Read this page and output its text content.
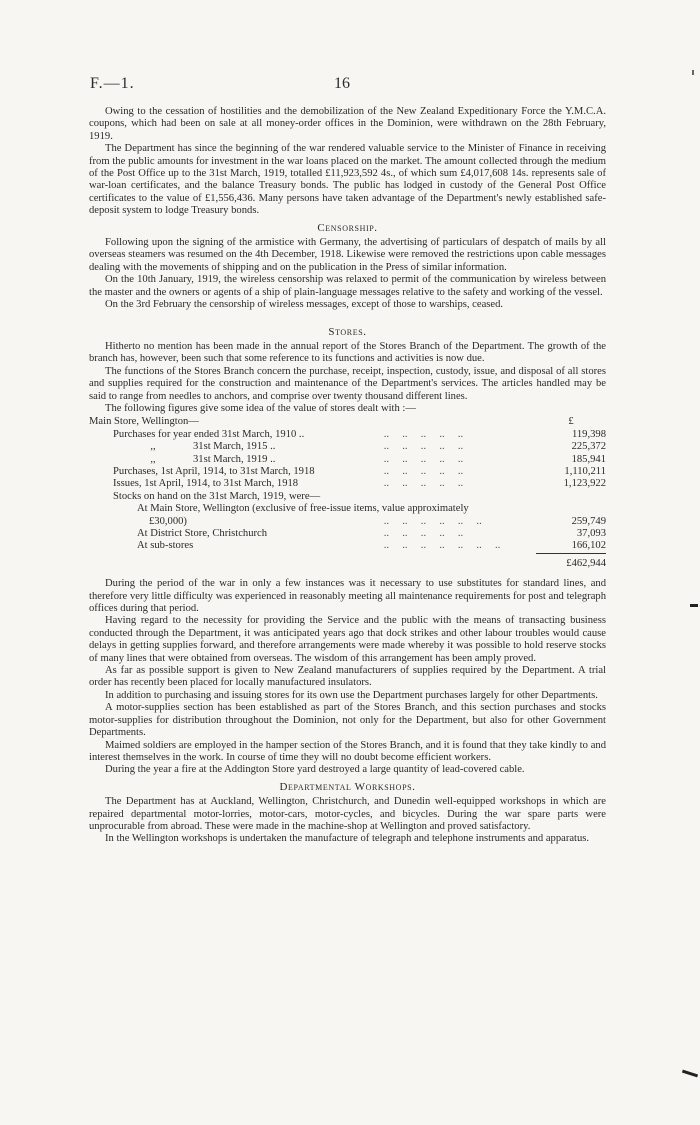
F.—1.	16

Owing to the cessation of hostilities and the demobilization of the New Zealand Expeditionary Force the Y.M.C.A. coupons, which had been on sale at all money-order offices in the Dominion, were withdrawn on the 28th February, 1919.

The Department has since the beginning of the war rendered valuable service to the Minister of Finance in receiving from the public amounts for investment in the war loans placed on the market. The amount collected through the medium of the Post Office up to the 31st March, 1919, totalled £11,923,592 4s., of which sum £4,017,608 14s. represents sale of war-loan certificates, and the balance Treasury bonds. The public has lodged in custody of the General Post Office certificates to the value of £1,556,436. Many persons have taken advantage of the Department's newly established safe-deposit system to lodge Treasury bonds.

Censorship.

Following upon the signing of the armistice with Germany, the advertising of particulars of despatch of mails by all overseas steamers was resumed on the 4th December, 1918. Likewise were removed the restrictions upon cable messages dealing with the movements of shipping and on the publication in the Press of similar information.

On the 10th January, 1919, the wireless censorship was relaxed to permit of the communication by wireless between the master and the owners or agents of a ship of plain-language messages relative to the safety and working of the vessel.

On the 3rd February the censorship of wireless messages, except of those to warships, ceased.

Stores.

Hitherto no mention has been made in the annual report of the Stores Branch of the Department. The growth of the branch has, however, been such that some reference to its functions and activities is now due.

The functions of the Stores Branch concern the purchase, receipt, inspection, custody, issue, and disposal of all stores and supplies required for the construction and maintenance of the Department's services. The articles handled may be said to range from needles to anchors, and comprise over twenty thousand different lines.

The following figures give some idea of the value of stores dealt with :—

Main Store, Wellington—		£
Purchases for year ended 31st March, 1910 ..	..     ..     ..     ..     ..	119,398
,, 31st March, 1915 ..	..     ..     ..     ..     ..	225,372
,, 31st March, 1919 ..	..     ..     ..     ..     ..	185,941
Purchases, 1st April, 1914, to 31st March, 1918	..     ..     ..     ..     ..	1,110,211
Issues, 1st April, 1914, to 31st March, 1918	..     ..     ..     ..     ..	1,123,922
Stocks on hand on the 31st March, 1919, were—		
At Main Store, Wellington (exclusive of free-issue items, value approximately		
£30,000)	..     ..     ..     ..     ..     ..	259,749
At District Store, Christchurch	..     ..     ..     ..     ..	37,093
At sub-stores	..     ..     ..     ..     ..     ..     ..	166,102
		£462,944

During the period of the war in only a few instances was it necessary to use substitutes for standard lines, and therefore very little difficulty was experienced in reasonably meeting all maintenance requirements for post and telegraph offices during that period.

Having regard to the necessity for providing the Service and the public with the means of transacting business conducted through the Department, it was anticipated years ago that dock strikes and other labour troubles would cause delays in getting supplies forward, and therefore arrangements were made whereby it was possible to hold reserve stocks of many lines that were obtained from overseas. The wisdom of this arrangement has been amply proved.

As far as possible support is given to New Zealand manufacturers of supplies required by the Department. A trial order has recently been placed for locally manufactured insulators.

In addition to purchasing and issuing stores for its own use the Department purchases largely for other Departments.

A motor-supplies section has been established as part of the Stores Branch, and this section purchases and stocks motor-supplies for distribution throughout the Dominion, not only for the Department, but also for other Government Departments.

Maimed soldiers are employed in the hamper section of the Stores Branch, and it is found that they take kindly to and interest themselves in the work. In course of time they will no doubt become efficient workers.

During the year a fire at the Addington Store yard destroyed a large quantity of lead-covered cable.

Departmental Workshops.

The Department has at Auckland, Wellington, Christchurch, and Dunedin well-equipped workshops in which are repaired departmental motor-lorries, motor-cars, motor-cycles, and bicycles. During the war spare parts were unprocurable from abroad. These were made in the machine-shop at Wellington and proved satisfactory.

In the Wellington workshops is undertaken the manufacture of telegraph and telephone instruments and apparatus.
